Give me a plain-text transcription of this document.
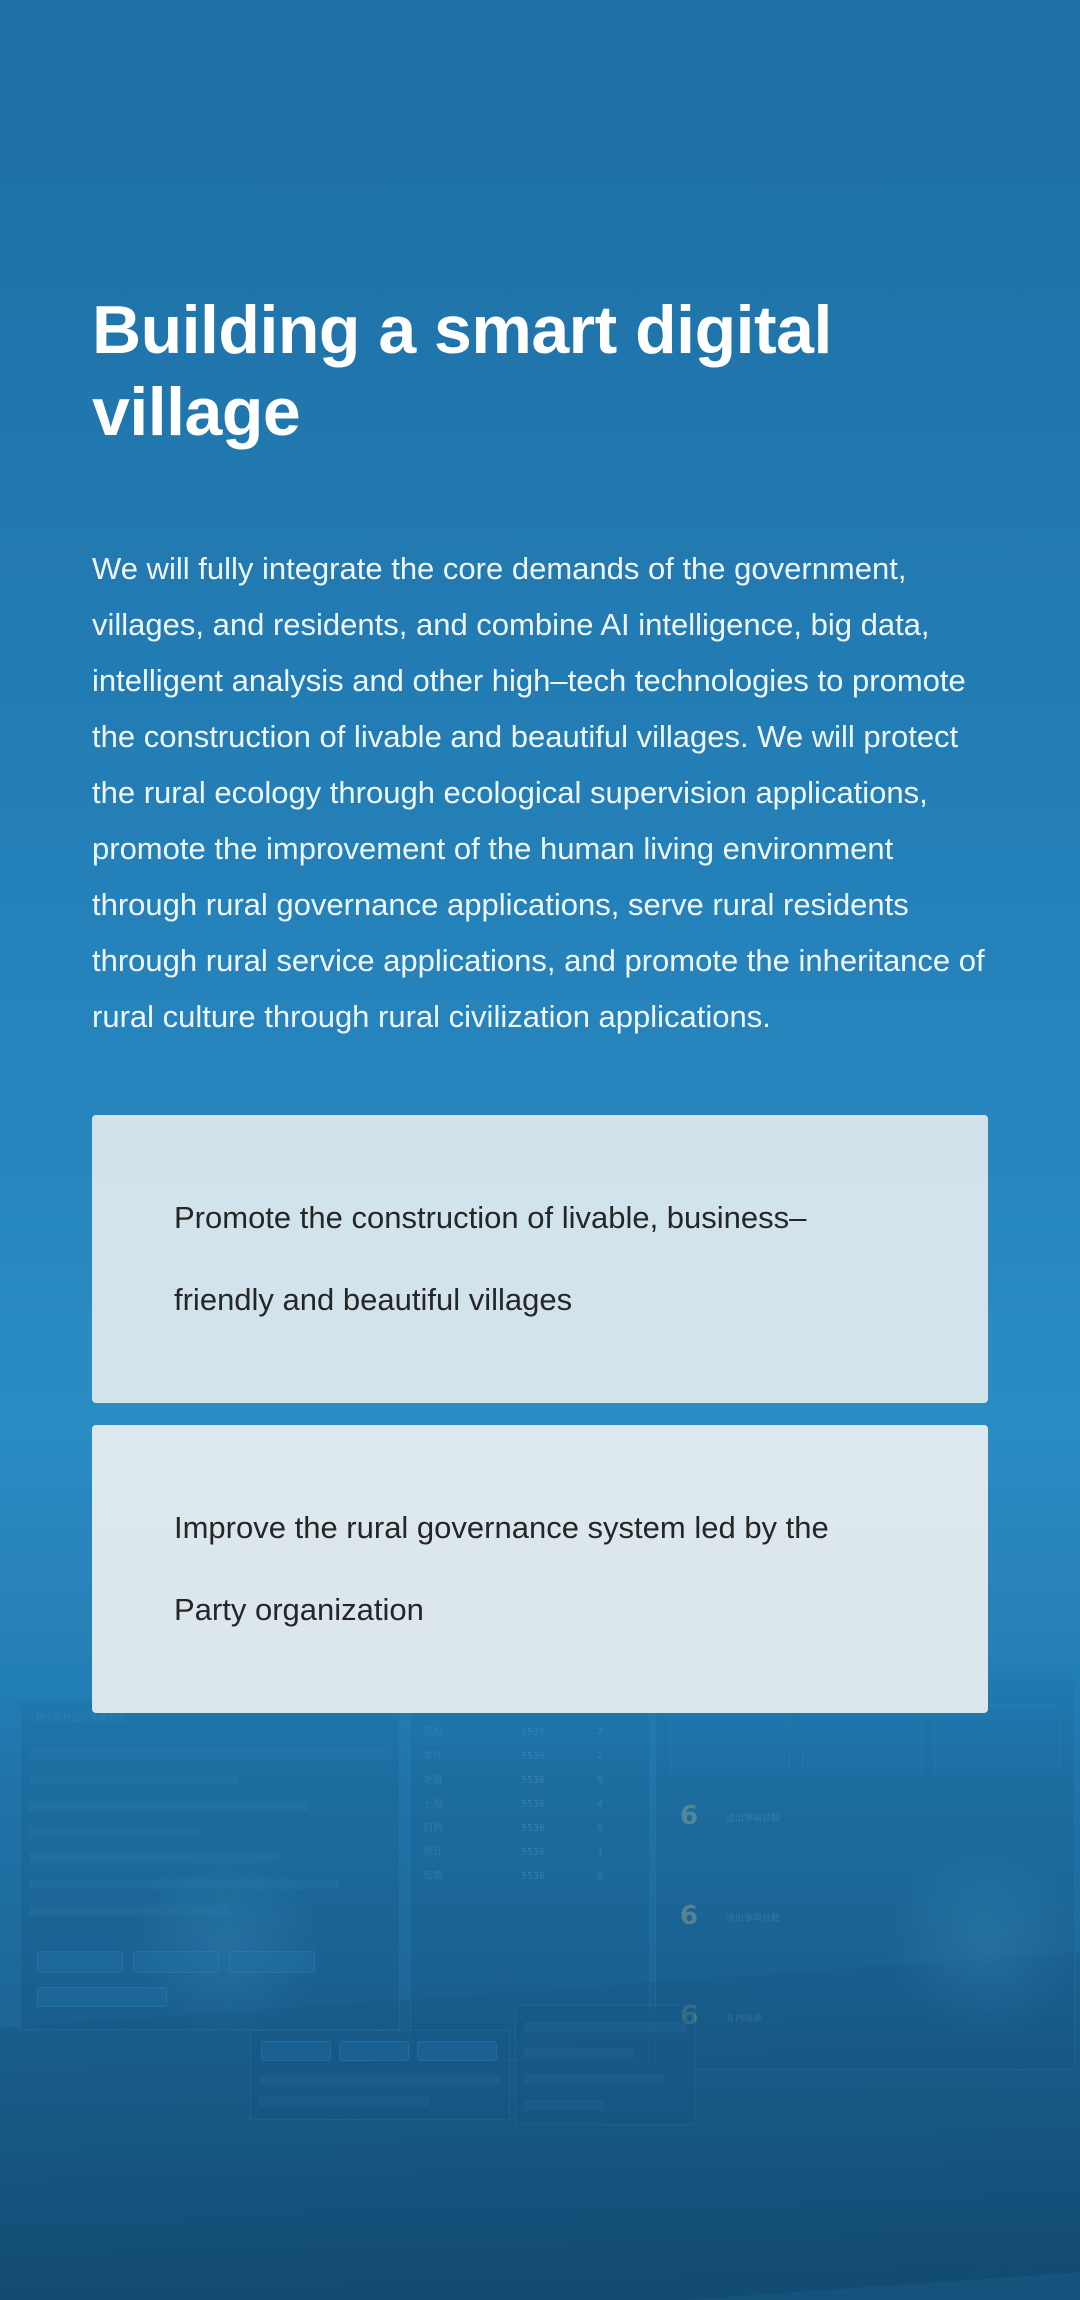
Building a smart digital village

We will fully integrate the core demands of the government, villages, and residents, and combine AI intelligence, big data, intelligent analysis and other high–tech technologies to promote the construction of livable and beautiful villages. We will protect the rural ecology through ecological supervision applications, promote the improvement of the human living environment through rural governance applications, serve rural residents through rural service applications, and promote the inheritance of rural culture through rural civilization applications.

Promote the construction of livable, business–friendly and beautiful villages
Improve the rural governance system led by the Party organization
